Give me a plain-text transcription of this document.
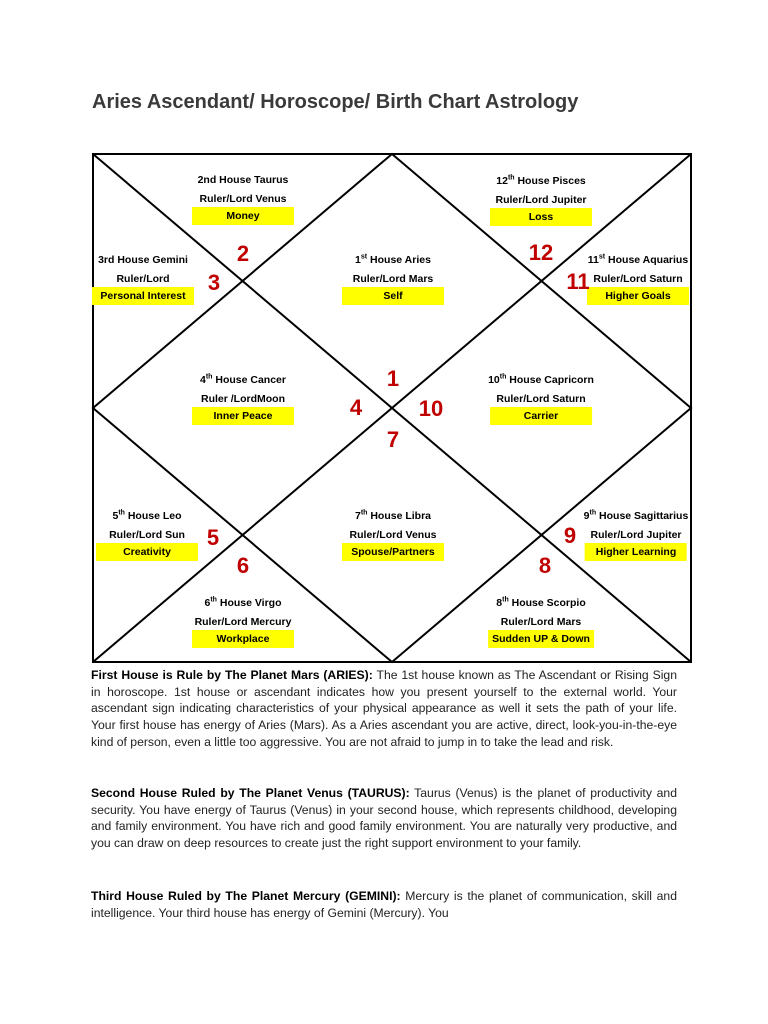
Aries Ascendant/ Horoscope/ Birth Chart Astrology
1st House Aries
Ruler/Lord Mars
Self
2nd House Taurus
Ruler/Lord Venus
Money
3rd House Gemini
Ruler/Lord
Personal Interest
4th House Cancer
Ruler /LordMoon
Inner Peace
5th House Leo
Ruler/Lord Sun
Creativity
6th House Virgo
Ruler/Lord Mercury
Workplace
7th House Libra
Ruler/Lord Venus
Spouse/Partners
8th House Scorpio
Ruler/Lord Mars
Sudden UP & Down
9th House Sagittarius
Ruler/Lord Jupiter
Higher Learning
10th House Capricorn
Ruler/Lord Saturn
Carrier
11st House Aquarius
Ruler/Lord Saturn
Higher Goals
12th House Pisces
Ruler/Lord Jupiter
Loss
1
2
3
4
5
6
7
8
9
10
11
12
First House is Rule by The Planet Mars (ARIES): The 1st house known as The Ascendant or Rising Sign in horoscope. 1st house or ascendant indicates how you present yourself to the external world. Your ascendant sign indicating characteristics of your physical appearance as well it sets the path of your life. Your first house has energy of Aries (Mars). As a Aries ascendant you are active, direct, look-you-in-the-eye kind of person, even a little too aggressive. You are not afraid to jump in to take the lead and risk.
Second House Ruled by The Planet Venus (TAURUS): Taurus (Venus) is the planet of productivity and security. You have energy of Taurus (Venus) in your second house, which represents childhood, developing and family environment. You have rich and good family environment. You are naturally very productive, and you can draw on deep resources to create just the right support environment to your family.
Third House Ruled by The Planet Mercury (GEMINI): Mercury is the planet of communication, skill and intelligence. Your third house has energy of Gemini (Mercury). You
